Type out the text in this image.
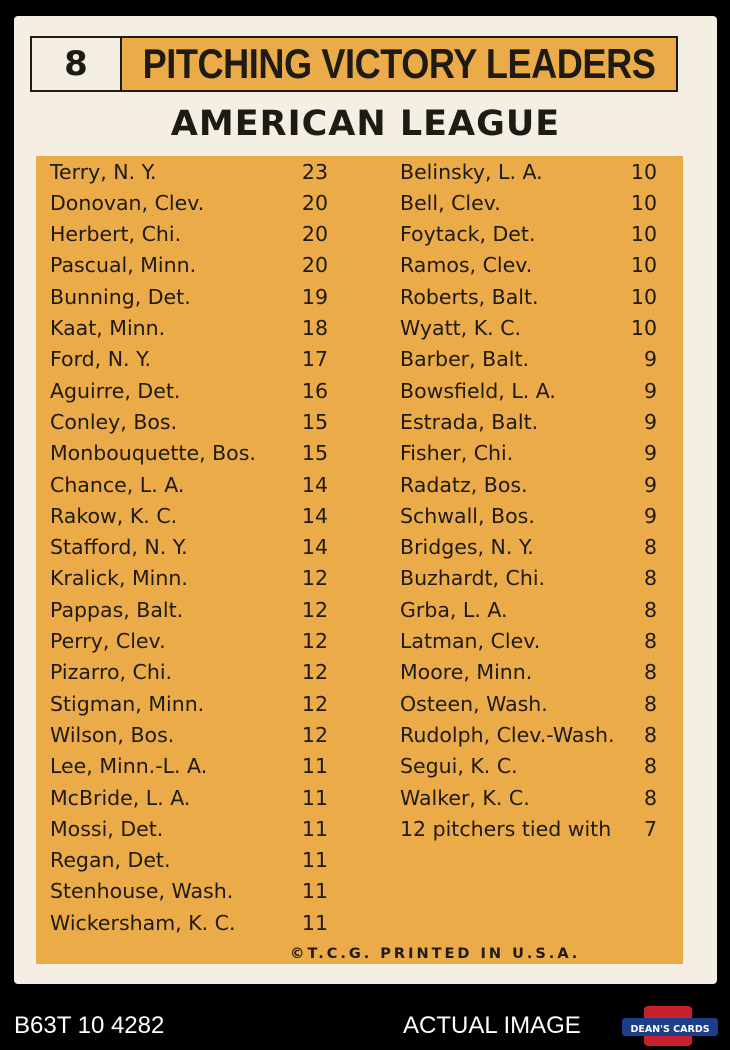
8	PITCHING VICTORY LEADERS
AMERICAN LEAGUE
Terry, N. Y.	23
Donovan, Clev.	20
Herbert, Chi.	20
Pascual, Minn.	20
Bunning, Det.	19
Kaat, Minn.	18
Ford, N. Y.	17
Aguirre, Det.	16
Conley, Bos.	15
Monbouquette, Bos. 15
Chance, L. A.	14
Rakow, K. C.	14
Stafford, N. Y.	14
Kralick, Minn.	12
Pappas, Balt.	12
Perry, Clev.	12
Pizarro, Chi.	12
Stigman, Minn.	12
Wilson, Bos.	12
Lee, Minn.-L. A.	11
McBride, L. A.	11
Mossi, Det.	11
Regan, Det.	11
Stenhouse, Wash.	11
Wickersham, K. C.	11
Belinsky, L. A.	10
Bell, Clev.	10
Foytack, Det.	10
Ramos, Clev.	10
Roberts, Balt.	10
Wyatt, K. C.	10
Barber, Balt.	9
Bowsfield, L. A.	9
Estrada, Balt.	9
Fisher, Chi.	9
Radatz, Bos.	9
Schwall, Bos.	9
Bridges, N. Y.	8
Buzhardt, Chi.	8
Grba, L. A.	8
Latman, Clev.	8
Moore, Minn.	8
Osteen, Wash.	8
Rudolph, Clev.-Wash. 8
Segui, K. C.	8
Walker, K. C.	8
12 pitchers tied with 7
©T.C.G. PRINTED IN U.S.A.
B63T 10 4282	ACTUAL IMAGE	DEAN'S CARDS
